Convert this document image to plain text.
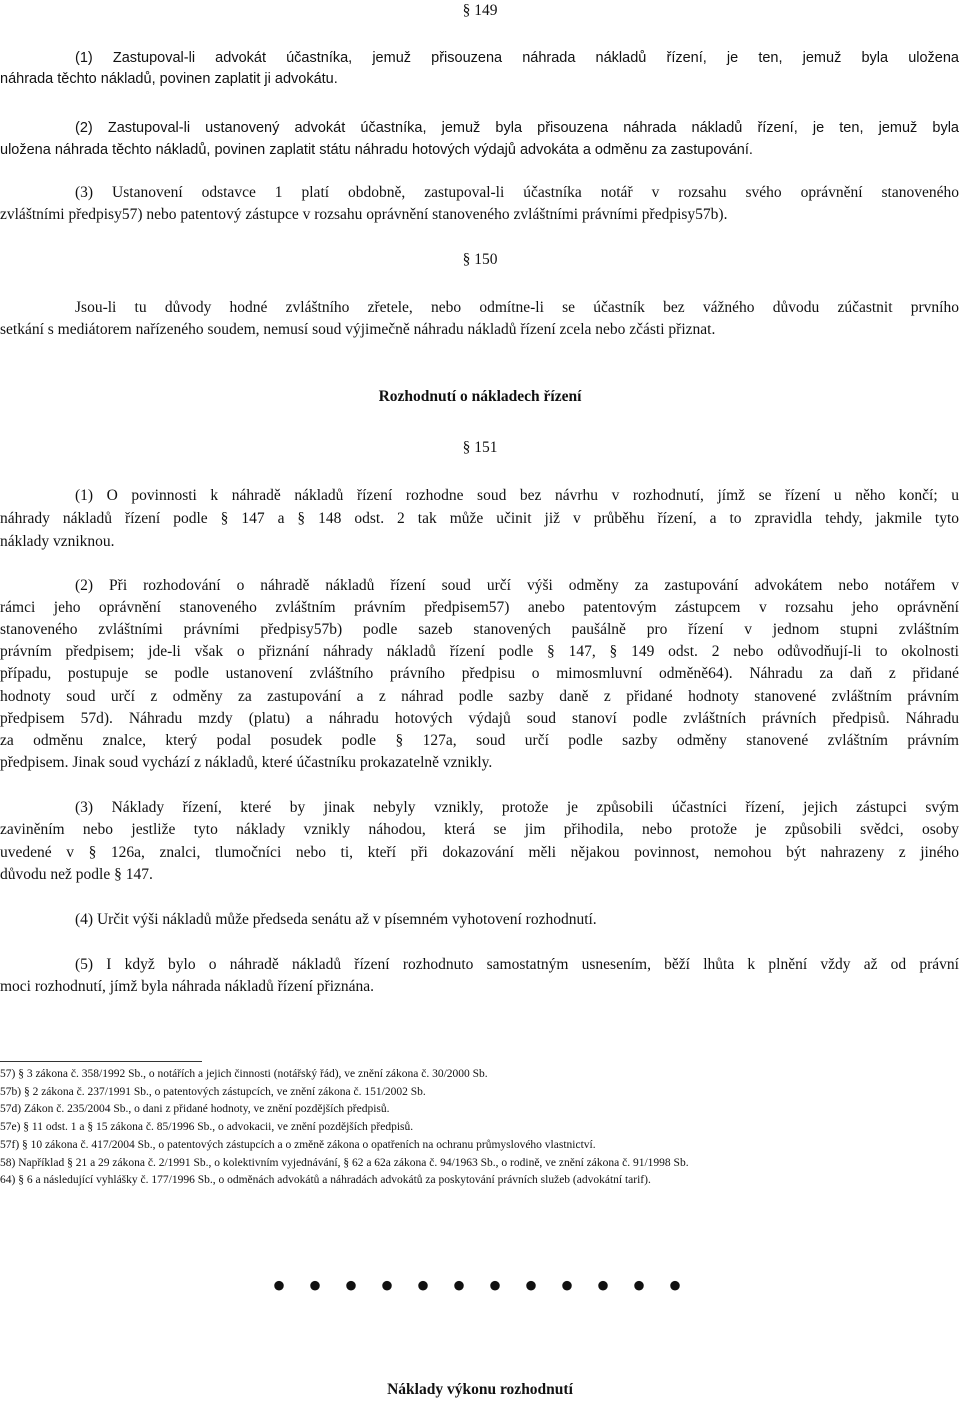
§ 149
(1) Zastupoval-li advokát účastníka, jemuž přisouzena náhrada nákladů řízení, je ten, jemuž byla uložena
náhrada těchto nákladů, povinen zaplatit ji advokátu.
(2) Zastupoval-li ustanovený advokát účastníka, jemuž byla přisouzena náhrada nákladů řízení, je ten, jemuž byla
uložena náhrada těchto nákladů, povinen zaplatit státu náhradu hotových výdajů advokáta a odměnu za zastupování.
(3) Ustanovení odstavce 1 platí obdobně, zastupoval-li účastníka notář v rozsahu svého oprávnění stanoveného
zvláštními předpisy57) nebo patentový zástupce v rozsahu oprávnění stanoveného zvláštními právními předpisy57b).
§ 150
Jsou-li tu důvody hodné zvláštního zřetele, nebo odmítne-li se účastník bez vážného důvodu zúčastnit prvního
setkání s mediátorem nařízeného soudem, nemusí soud výjimečně náhradu nákladů řízení zcela nebo zčásti přiznat.
Rozhodnutí o nákladech řízení
§ 151
(1) O povinnosti k náhradě nákladů řízení rozhodne soud bez návrhu v rozhodnutí, jímž se řízení u něho končí; u
náhrady nákladů řízení podle § 147 a § 148 odst. 2 tak může učinit již v průběhu řízení, a to zpravidla tehdy, jakmile tyto
náklady vzniknou.
(2) Při rozhodování o náhradě nákladů řízení soud určí výši odměny za zastupování advokátem nebo notářem v
rámci jeho oprávnění stanoveného zvláštním právním předpisem57) anebo patentovým zástupcem v rozsahu jeho oprávnění
stanoveného zvláštními právními předpisy57b) podle sazeb stanovených paušálně pro řízení v jednom stupni zvláštním
právním předpisem; jde-li však o přiznání náhrady nákladů řízení podle § 147, § 149 odst. 2 nebo odůvodňují-li to okolnosti
případu, postupuje se podle ustanovení zvláštního právního předpisu o mimosmluvní odměně64). Náhradu za daň z přidané
hodnoty soud určí z odměny za zastupování a z náhrad podle sazby daně z přidané hodnoty stanovené zvláštním právním
předpisem 57d). Náhradu mzdy (platu) a náhradu hotových výdajů soud stanoví podle zvláštních právních předpisů. Náhradu
za odměnu znalce, který podal posudek podle § 127a, soud určí podle sazby odměny stanovené zvláštním právním
předpisem. Jinak soud vychází z nákladů, které účastníku prokazatelně vznikly.
(3) Náklady řízení, které by jinak nebyly vznikly, protože je způsobili účastníci řízení, jejich zástupci svým
zaviněním nebo jestliže tyto náklady vznikly náhodou, která se jim přihodila, nebo protože je způsobili svědci, osoby
uvedené v § 126a, znalci, tlumočníci nebo ti, kteří při dokazování měli nějakou povinnost, nemohou být nahrazeny z jiného
důvodu než podle § 147.
(4) Určit výši nákladů může předseda senátu až v písemném vyhotovení rozhodnutí.
(5) I když bylo o náhradě nákladů řízení rozhodnuto samostatným usnesením, běží lhůta k plnění vždy až od právní
moci rozhodnutí, jímž byla náhrada nákladů řízení přiznána.
57) § 3 zákona č. 358/1992 Sb., o notářích a jejich činnosti (notářský řád), ve znění zákona č. 30/2000 Sb.
57b) § 2 zákona č. 237/1991 Sb., o patentových zástupcích, ve znění zákona č. 151/2002 Sb.
57d) Zákon č. 235/2004 Sb., o dani z přidané hodnoty, ve znění pozdějších předpisů.
57e) § 11 odst. 1 a § 15 zákona č. 85/1996 Sb., o advokacii, ve znění pozdějších předpisů.
57f) § 10 zákona č. 417/2004 Sb., o patentových zástupcích a o změně zákona o opatřeních na ochranu průmyslového vlastnictví.
58) Například § 21 a 29 zákona č. 2/1991 Sb., o kolektivním vyjednávání, § 62 a 62a zákona č. 94/1963 Sb., o rodině, ve znění zákona č. 91/1998 Sb.
64) § 6 a následující vyhlášky č. 177/1996 Sb., o odměnách advokátů a náhradách advokátů za poskytování právních služeb (advokátní tarif).
• • • • • • • • • • • •
Náklady výkonu rozhodnutí
